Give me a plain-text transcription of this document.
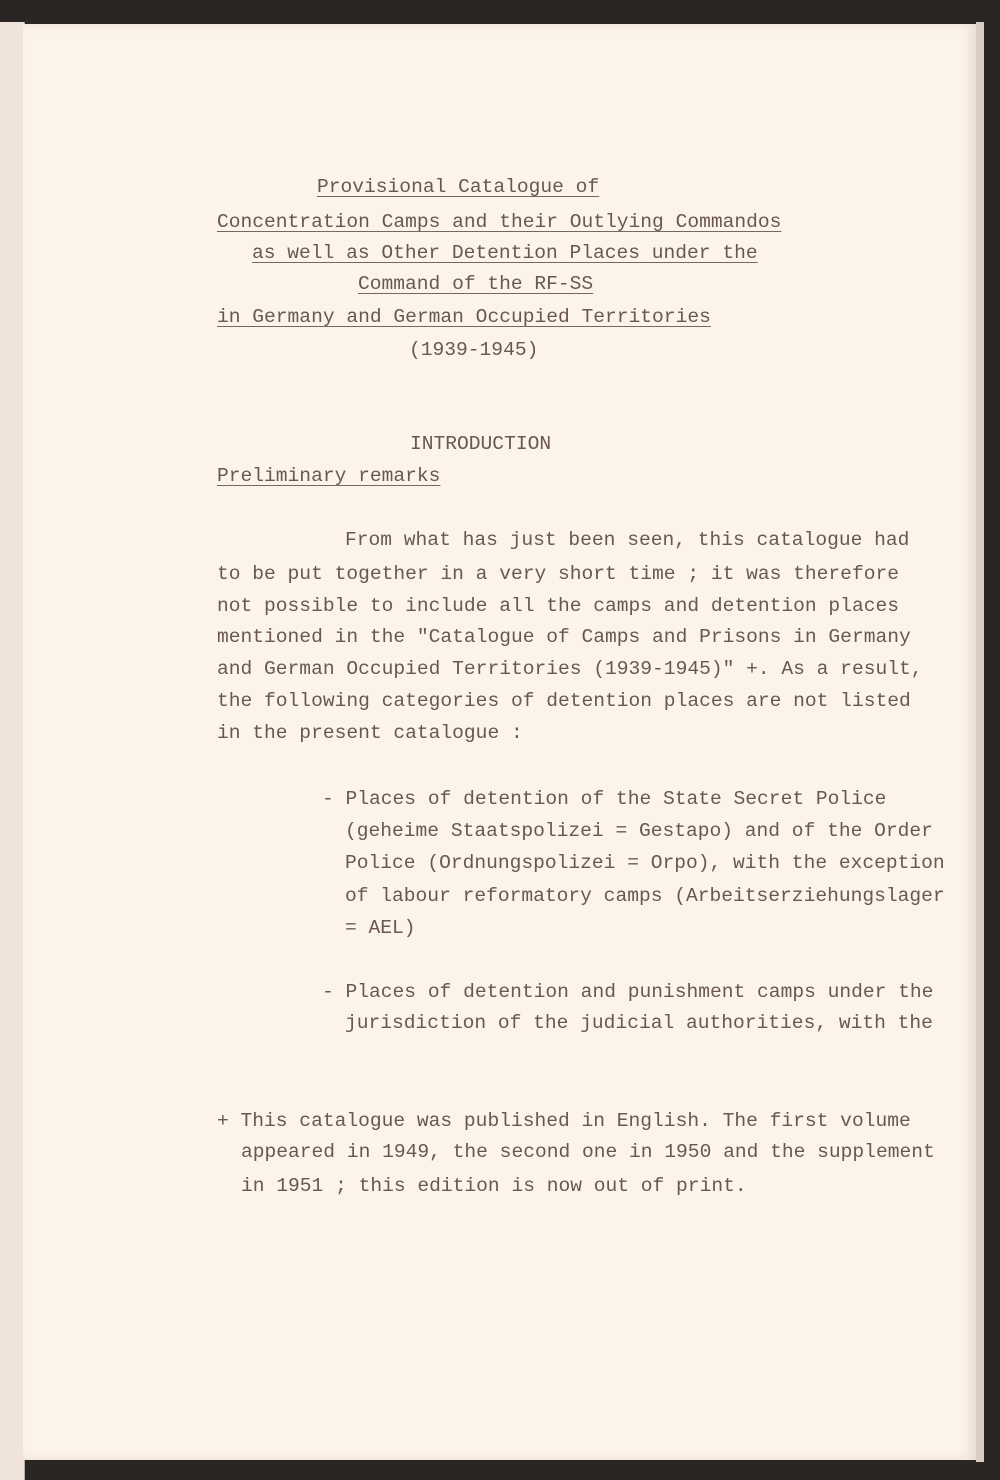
Provisional Catalogue of
Concentration Camps and their Outlying Commandos
as well as Other Detention Places under the
Command of the RF-SS
in Germany and German Occupied Territories
(1939-1945)
INTRODUCTION
Preliminary remarks
From what has just been seen, this catalogue had
to be put together in a very short time ; it was therefore
not possible to include all the camps and detention places
mentioned in the "Catalogue of Camps and Prisons in Germany
and German Occupied Territories (1939-1945)" +. As a result,
the following categories of detention places are not listed
in the present catalogue :
- Places of detention of the State Secret Police
(geheime Staatspolizei = Gestapo) and of the Order
Police (Ordnungspolizei = Orpo), with the exception
of labour reformatory camps (Arbeitserziehungslager
= AEL)
- Places of detention and punishment camps under the
jurisdiction of the judicial authorities, with the
+ This catalogue was published in English. The first volume
appeared in 1949, the second one in 1950 and the supplement
in 1951 ; this edition is now out of print.
